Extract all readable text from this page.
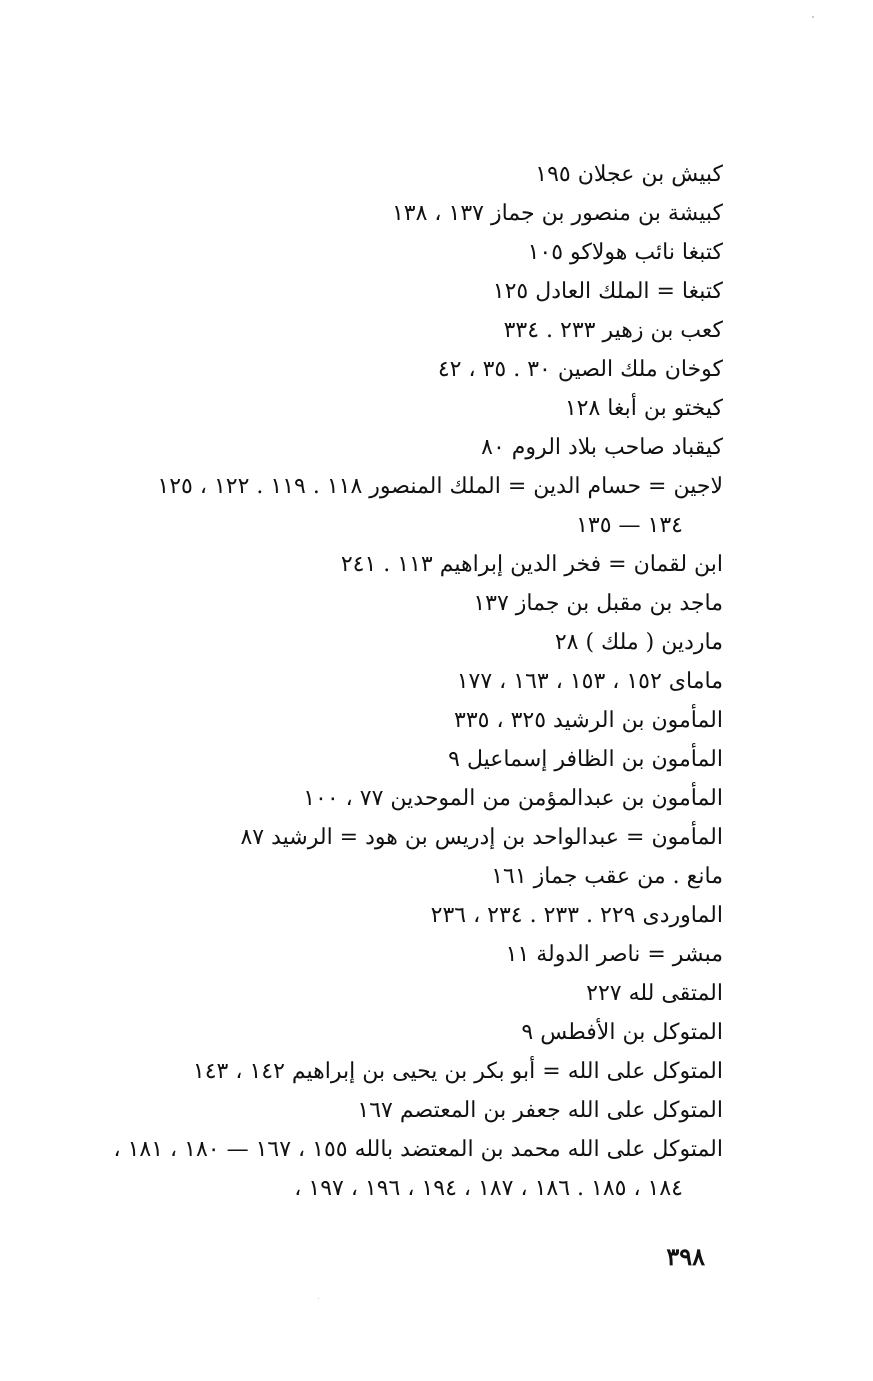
كبيش بن عجلان ١٩٥
كبيشة بن منصور بن جماز ١٣٧ ، ١٣٨
كتبغا نائب هولاكو ١٠٥
كتبغا = الملك العادل ١٢٥
كعب بن زهير ٢٣٣ . ٣٣٤
كوخان ملك الصين ٣٠ . ٣٥ ، ٤٢
كيختو بن أبغا ١٢٨
كيقباد صاحب بلاد الروم ٨٠
لاجين = حسام الدين = الملك المنصور ١١٨ . ١١٩ . ١٢٢ ، ١٢٥
١٣٤ — ١٣٥
ابن لقمان = فخر الدين إبراهيم ١١٣ . ٢٤١
ماجد بن مقبل بن جماز ١٣٧
ماردين ( ملك ) ٢٨
ماماى ١٥٢ ، ١٥٣ ، ١٦٣ ، ١٧٧
المأمون بن الرشيد ٣٢٥ ، ٣٣٥
المأمون بن الظافر إسماعيل ٩
المأمون بن عبدالمؤمن من الموحدين ٧٧ ، ١٠٠
المأمون = عبدالواحد بن إدريس بن هود = الرشيد ٨٧
مانع . من عقب جماز ١٦١
الماوردى ٢٢٩ . ٢٣٣ . ٢٣٤ ، ٢٣٦
مبشر = ناصر الدولة ١١
المتقى لله ٢٢٧
المتوكل بن الأفطس ٩
المتوكل على الله = أبو بكر بن يحيى بن إبراهيم ١٤٢ ، ١٤٣
المتوكل على الله جعفر بن المعتصم ١٦٧
المتوكل على الله محمد بن المعتضد بالله ١٥٥ ، ١٦٧ — ١٨٠ ، ١٨١ ،
١٨٤ ، ١٨٥ . ١٨٦ ، ١٨٧ ، ١٩٤ ، ١٩٦ ، ١٩٧ ،
٣٩٨
